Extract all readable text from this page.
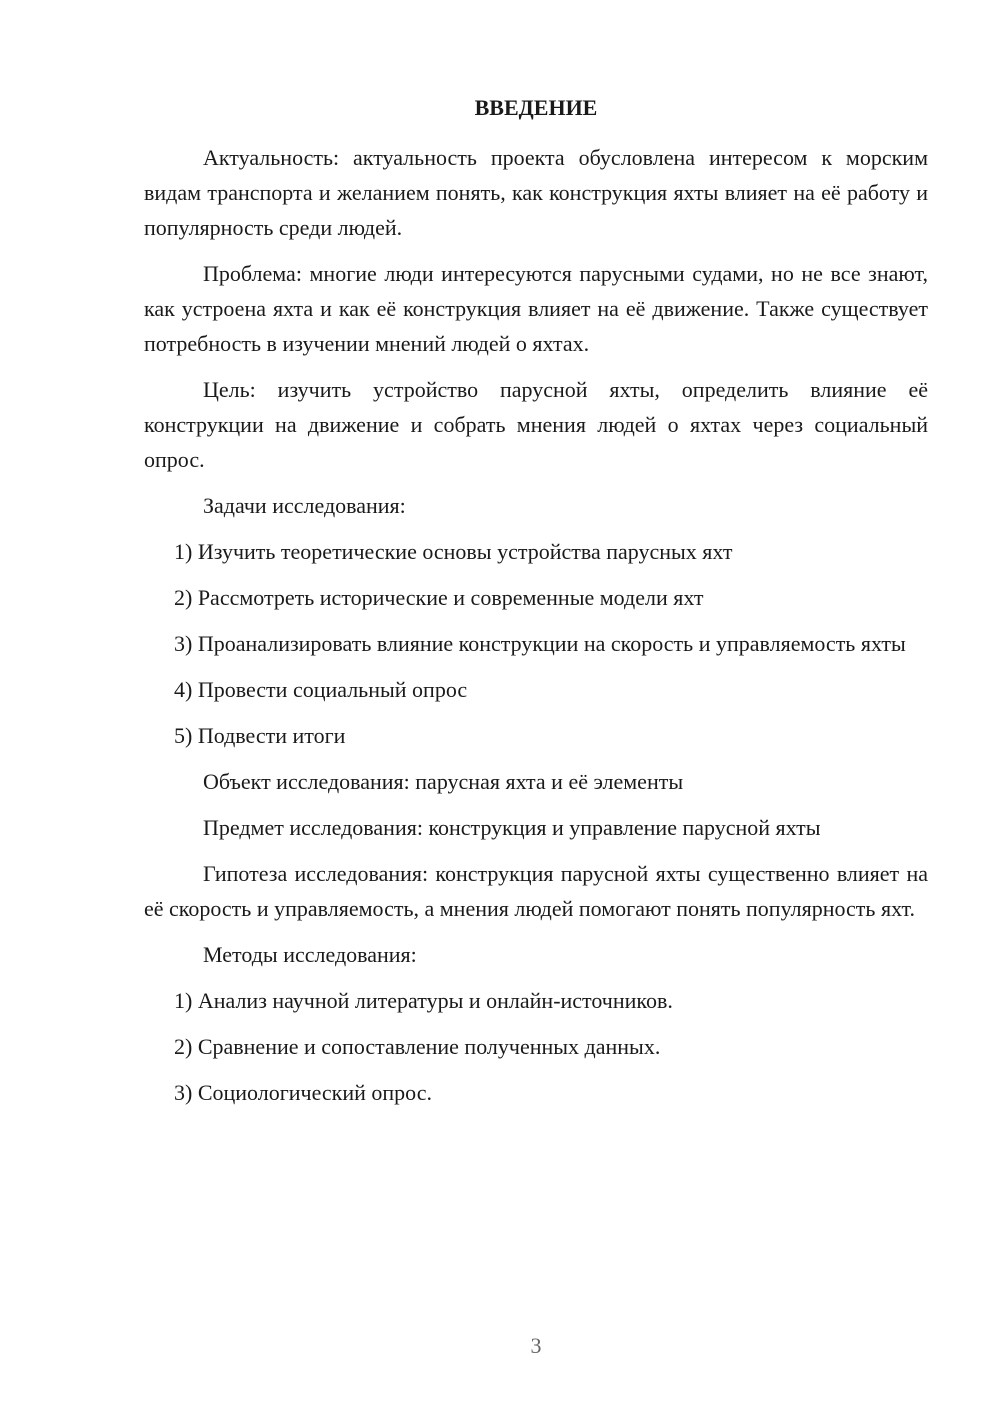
ВВЕДЕНИЕ

Актуальность: актуальность проекта обусловлена интересом к морским видам транспорта и желанием понять, как конструкция яхты влияет на её работу и популярность среди людей.

Проблема: многие люди интересуются парусными судами, но не все знают, как устроена яхта и как её конструкция влияет на её движение. Также существует потребность в изучении мнений людей о яхтах.

Цель: изучить устройство парусной яхты, определить влияние её конструкции на движение и собрать мнения людей о яхтах через социальный опрос.

Задачи исследования:

1) Изучить теоретические основы устройства парусных яхт

2) Рассмотреть исторические и современные модели яхт

3) Проанализировать влияние конструкции на скорость и управляемость яхты

4) Провести социальный опрос

5) Подвести итоги

Объект исследования: парусная яхта и её элементы

Предмет исследования: конструкция и управление парусной яхты

Гипотеза исследования: конструкция парусной яхты существенно влияет на её скорость и управляемость, а мнения людей помогают понять популярность яхт.

Методы исследования:

1) Анализ научной литературы и онлайн-источников.

2) Сравнение и сопоставление полученных данных.

3) Социологический опрос.

3
